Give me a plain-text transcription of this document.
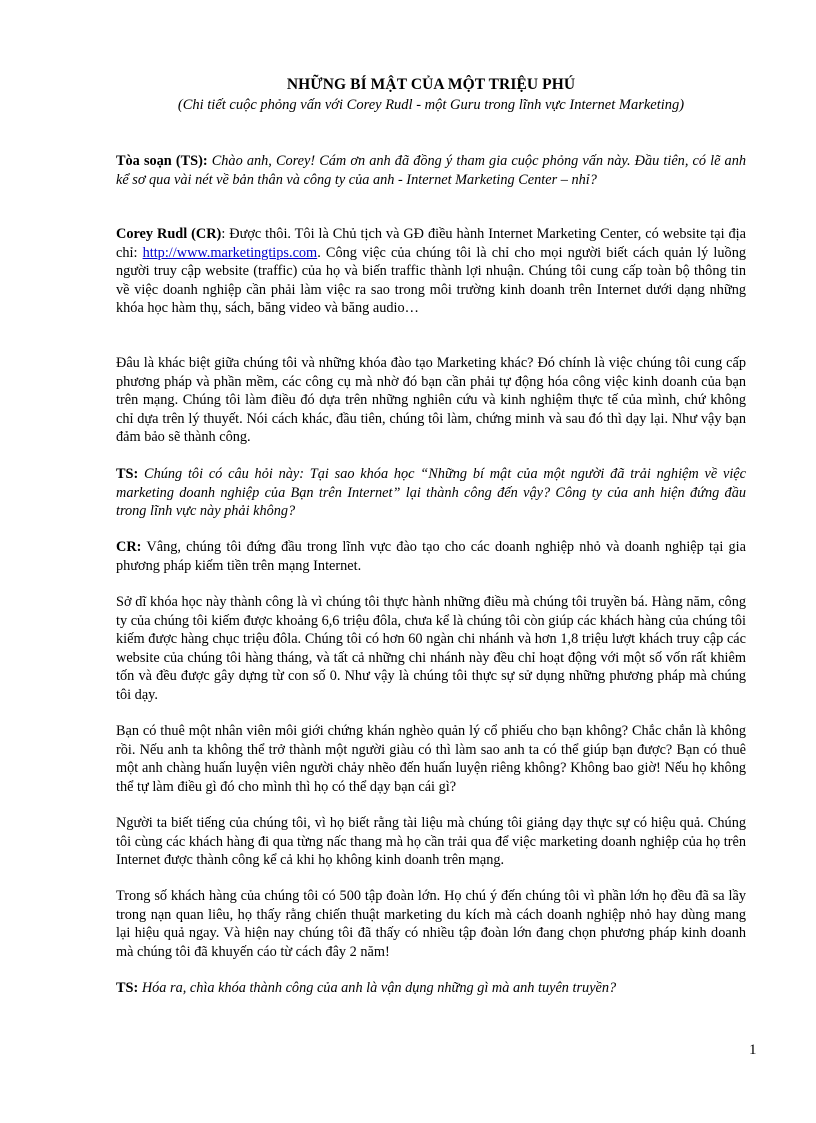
NHỮNG BÍ MẬT CỦA MỘT TRIỆU PHÚ
(Chi tiết cuộc phỏng vấn với Corey Rudl - một Guru trong lĩnh vực Internet Marketing)
Tòa soạn (TS): Chào anh, Corey! Cám ơn anh đã đồng ý tham gia cuộc phỏng vấn này. Đầu tiên, có lẽ anh kể sơ qua vài nét về bản thân và công ty của anh - Internet Marketing Center – nhỉ?
Corey Rudl (CR): Được thôi. Tôi là Chủ tịch và GĐ điều hành Internet Marketing Center, có website tại địa chỉ: http://www.marketingtips.com. Công việc của chúng tôi là chỉ cho mọi người biết cách quản lý luồng người truy cập website (traffic) của họ và biến traffic thành lợi nhuận. Chúng tôi cung cấp toàn bộ thông tin về việc doanh nghiệp cần phải làm việc ra sao trong môi trường kinh doanh trên Internet dưới dạng những khóa học hàm thụ, sách, băng video và băng audio…
Đâu là khác biệt giữa chúng tôi và những khóa đào tạo Marketing khác? Đó chính là việc chúng tôi cung cấp phương pháp và phần mềm, các công cụ mà nhờ đó bạn cần phải tự động hóa công việc kinh doanh của bạn trên mạng. Chúng tôi làm điều đó dựa trên những nghiên cứu và kinh nghiệm thực tế của mình, chứ không chỉ dựa trên lý thuyết. Nói cách khác, đầu tiên, chúng tôi làm, chứng minh và sau đó thì dạy lại. Như vậy bạn đảm bảo sẽ thành công.
TS: Chúng tôi có câu hỏi này: Tại sao khóa học “Những bí mật của một người đã trải nghiệm về việc marketing doanh nghiệp của Bạn trên Internet” lại thành công đến vậy? Công ty của anh hiện đứng đầu trong lĩnh vực này phải không?
CR: Vâng, chúng tôi đứng đầu trong lĩnh vực đào tạo cho các doanh nghiệp nhỏ và doanh nghiệp tại gia phương pháp kiếm tiền trên mạng Internet.
Sở dĩ khóa học này thành công là vì chúng tôi thực hành những điều mà chúng tôi truyền bá. Hàng năm, công ty của chúng tôi kiếm được khoảng 6,6 triệu đôla, chưa kể là chúng tôi còn giúp các khách hàng của chúng tôi kiếm được hàng chục triệu đôla. Chúng tôi có hơn 60 ngàn chi nhánh và hơn 1,8 triệu lượt khách truy cập các website của chúng tôi hàng tháng, và tất cả những chi nhánh này đều chỉ hoạt động với một số vốn rất khiêm tốn và đều được gây dựng từ con số 0. Như vậy là chúng tôi thực sự sử dụng những phương pháp mà chúng tôi dạy.
Bạn có thuê một nhân viên môi giới chứng khán nghèo quản lý cổ phiếu cho bạn không? Chắc chắn là không rồi. Nếu anh ta không thể trở thành một người giàu có thì làm sao anh ta có thể giúp bạn được? Bạn có thuê một anh chàng huấn luyện viên người chảy nhẽo đến huấn luyện riêng không? Không bao giờ! Nếu họ không thể tự làm điều gì đó cho mình thì họ có thể dạy bạn cái gì?
Người ta biết tiếng của chúng tôi, vì họ biết rằng tài liệu mà chúng tôi giảng dạy thực sự có hiệu quả. Chúng tôi cùng các khách hàng đi qua từng nấc thang mà họ cần trải qua để việc marketing doanh nghiệp của họ trên Internet được thành công kể cả khi họ không kinh doanh trên mạng.
Trong số khách hàng của chúng tôi có 500 tập đoàn lớn. Họ chú ý đến chúng tôi vì phần lớn họ đều đã sa lầy trong nạn quan liêu, họ thấy rằng chiến thuật marketing du kích mà cách doanh nghiệp nhỏ hay dùng mang lại hiệu quả ngay. Và hiện nay chúng tôi đã thấy có nhiều tập đoàn lớn đang chọn phương pháp kinh doanh mà chúng tôi đã khuyến cáo từ cách đây 2 năm!
TS: Hóa ra, chìa khóa thành công của anh là vận dụng những gì mà anh tuyên truyền?
1
